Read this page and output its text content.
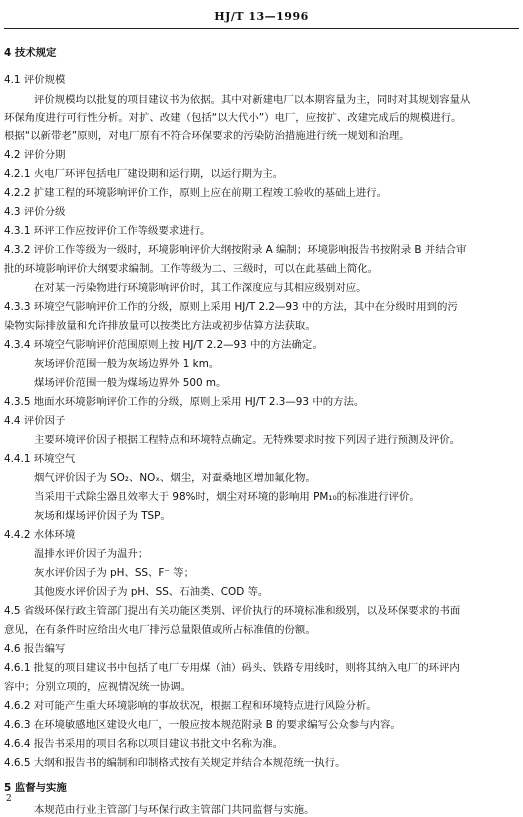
HJ/T 13—1996
4 技术规定
4.1 评价规模
评价规模均以批复的项目建议书为依据。其中对新建电厂以本期容量为主，同时对其规划容量从
环保角度进行可行性分析。对扩、改建（包括“以大代小”）电厂，应按扩、改建完成后的规模进行。
根据“以新带老”原则，对电厂原有不符合环保要求的污染防治措施进行统一规划和治理。
4.2 评价分期
4.2.1 火电厂环评包括电厂建设期和运行期，以运行期为主。
4.2.2 扩建工程的环境影响评价工作，原则上应在前期工程竣工验收的基础上进行。
4.3 评价分级
4.3.1 环评工作应按评价工作等级要求进行。
4.3.2 评价工作等级为一级时，环境影响评价大纲按附录 A 编制；环境影响报告书按附录 B 并结合审
批的环境影响评价大纲要求编制。工作等级为二、三级时，可以在此基础上简化。
在对某一污染物进行环境影响评价时，其工作深度应与其相应级别对应。
4.3.3 环境空气影响评价工作的分级，原则上采用 HJ/T 2.2—93 中的方法，其中在分级时用到的污
染物实际排放量和允许排放量可以按类比方法或初步估算方法获取。
4.3.4 环境空气影响评价范围原则上按 HJ/T 2.2—93 中的方法确定。
灰场评价范围一般为灰场边界外 1 km。
煤场评价范围一般为煤场边界外 500 m。
4.3.5 地面水环境影响评价工作的分级，原则上采用 HJ/T 2.3—93 中的方法。
4.4 评价因子
主要环境评价因子根据工程特点和环境特点确定。无特殊要求时按下列因子进行预测及评价。
4.4.1 环境空气
烟气评价因子为 SO₂、NOₓ、烟尘，对蚕桑地区增加氟化物。
当采用干式除尘器且效率大于 98%时，烟尘对环境的影响用 PM₁₀的标准进行评价。
灰场和煤场评价因子为 TSP。
4.4.2 水体环境
温排水评价因子为温升；
灰水评价因子为 pH、SS、F⁻ 等；
其他废水评价因子为 pH、SS、石油类、COD 等。
4.5 省级环保行政主管部门提出有关功能区类别、评价执行的环境标准和级别，以及环保要求的书面
意见，在有条件时应给出火电厂排污总量限值或所占标准值的份额。
4.6 报告编写
4.6.1 批复的项目建议书中包括了电厂专用煤（油）码头、铁路专用线时，则将其纳入电厂的环评内
容中；分别立项的，应视情况统一协调。
4.6.2 对可能产生重大环境影响的事故状况，根据工程和环境特点进行风险分析。
4.6.3 在环境敏感地区建设火电厂，一般应按本规范附录 B 的要求编写公众参与内容。
4.6.4 报告书采用的项目名称以项目建议书批文中名称为准。
4.6.5 大纲和报告书的编制和印制格式按有关规定并结合本规范统一执行。
5 监督与实施
本规范由行业主管部门与环保行政主管部门共同监督与实施。
2
